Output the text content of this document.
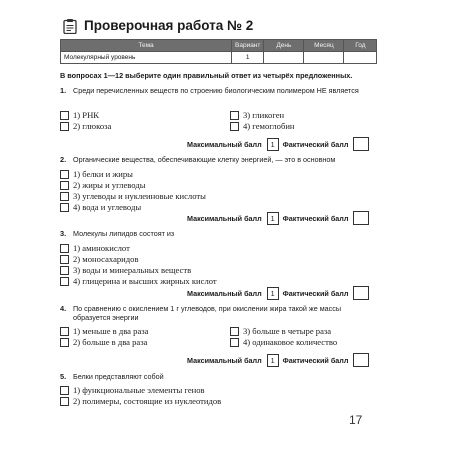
Проверочная работа № 2
Тема	Вариант	День	Месяц	Год
Молекулярный уровень	1			
В вопросах 1—12 выберите один правильный ответ из четырёх предложенных.
1. Среди перечисленных веществ по строению биологическим полимером НЕ является
1) РНК
2) глюкоза
3) гликоген
4) гемоглобин
Максимальный балл	1	Фактический балл
2. Органические вещества, обеспечивающие клетку энергией, — это в основном
1) белки и жиры
2) жиры и углеводы
3) углеводы и нуклеиновые кислоты
4) вода и углеводы
Максимальный балл	1	Фактический балл
3. Молекулы липидов состоят из
1) аминокислот
2) моносахаридов
3) воды и минеральных веществ
4) глицерина и высших жирных кислот
Максимальный балл	1	Фактический балл
4. По сравнению с окислением 1 г углеводов, при окислении жира такой же массы образуется энергии
1) меньше в два раза
2) больше в два раза
3) больше в четыре раза
4) одинаковое количество
Максимальный балл	1	Фактический балл
5. Белки представляют собой
1) функциональные элементы генов
2) полимеры, состоящие из нуклеотидов
17
